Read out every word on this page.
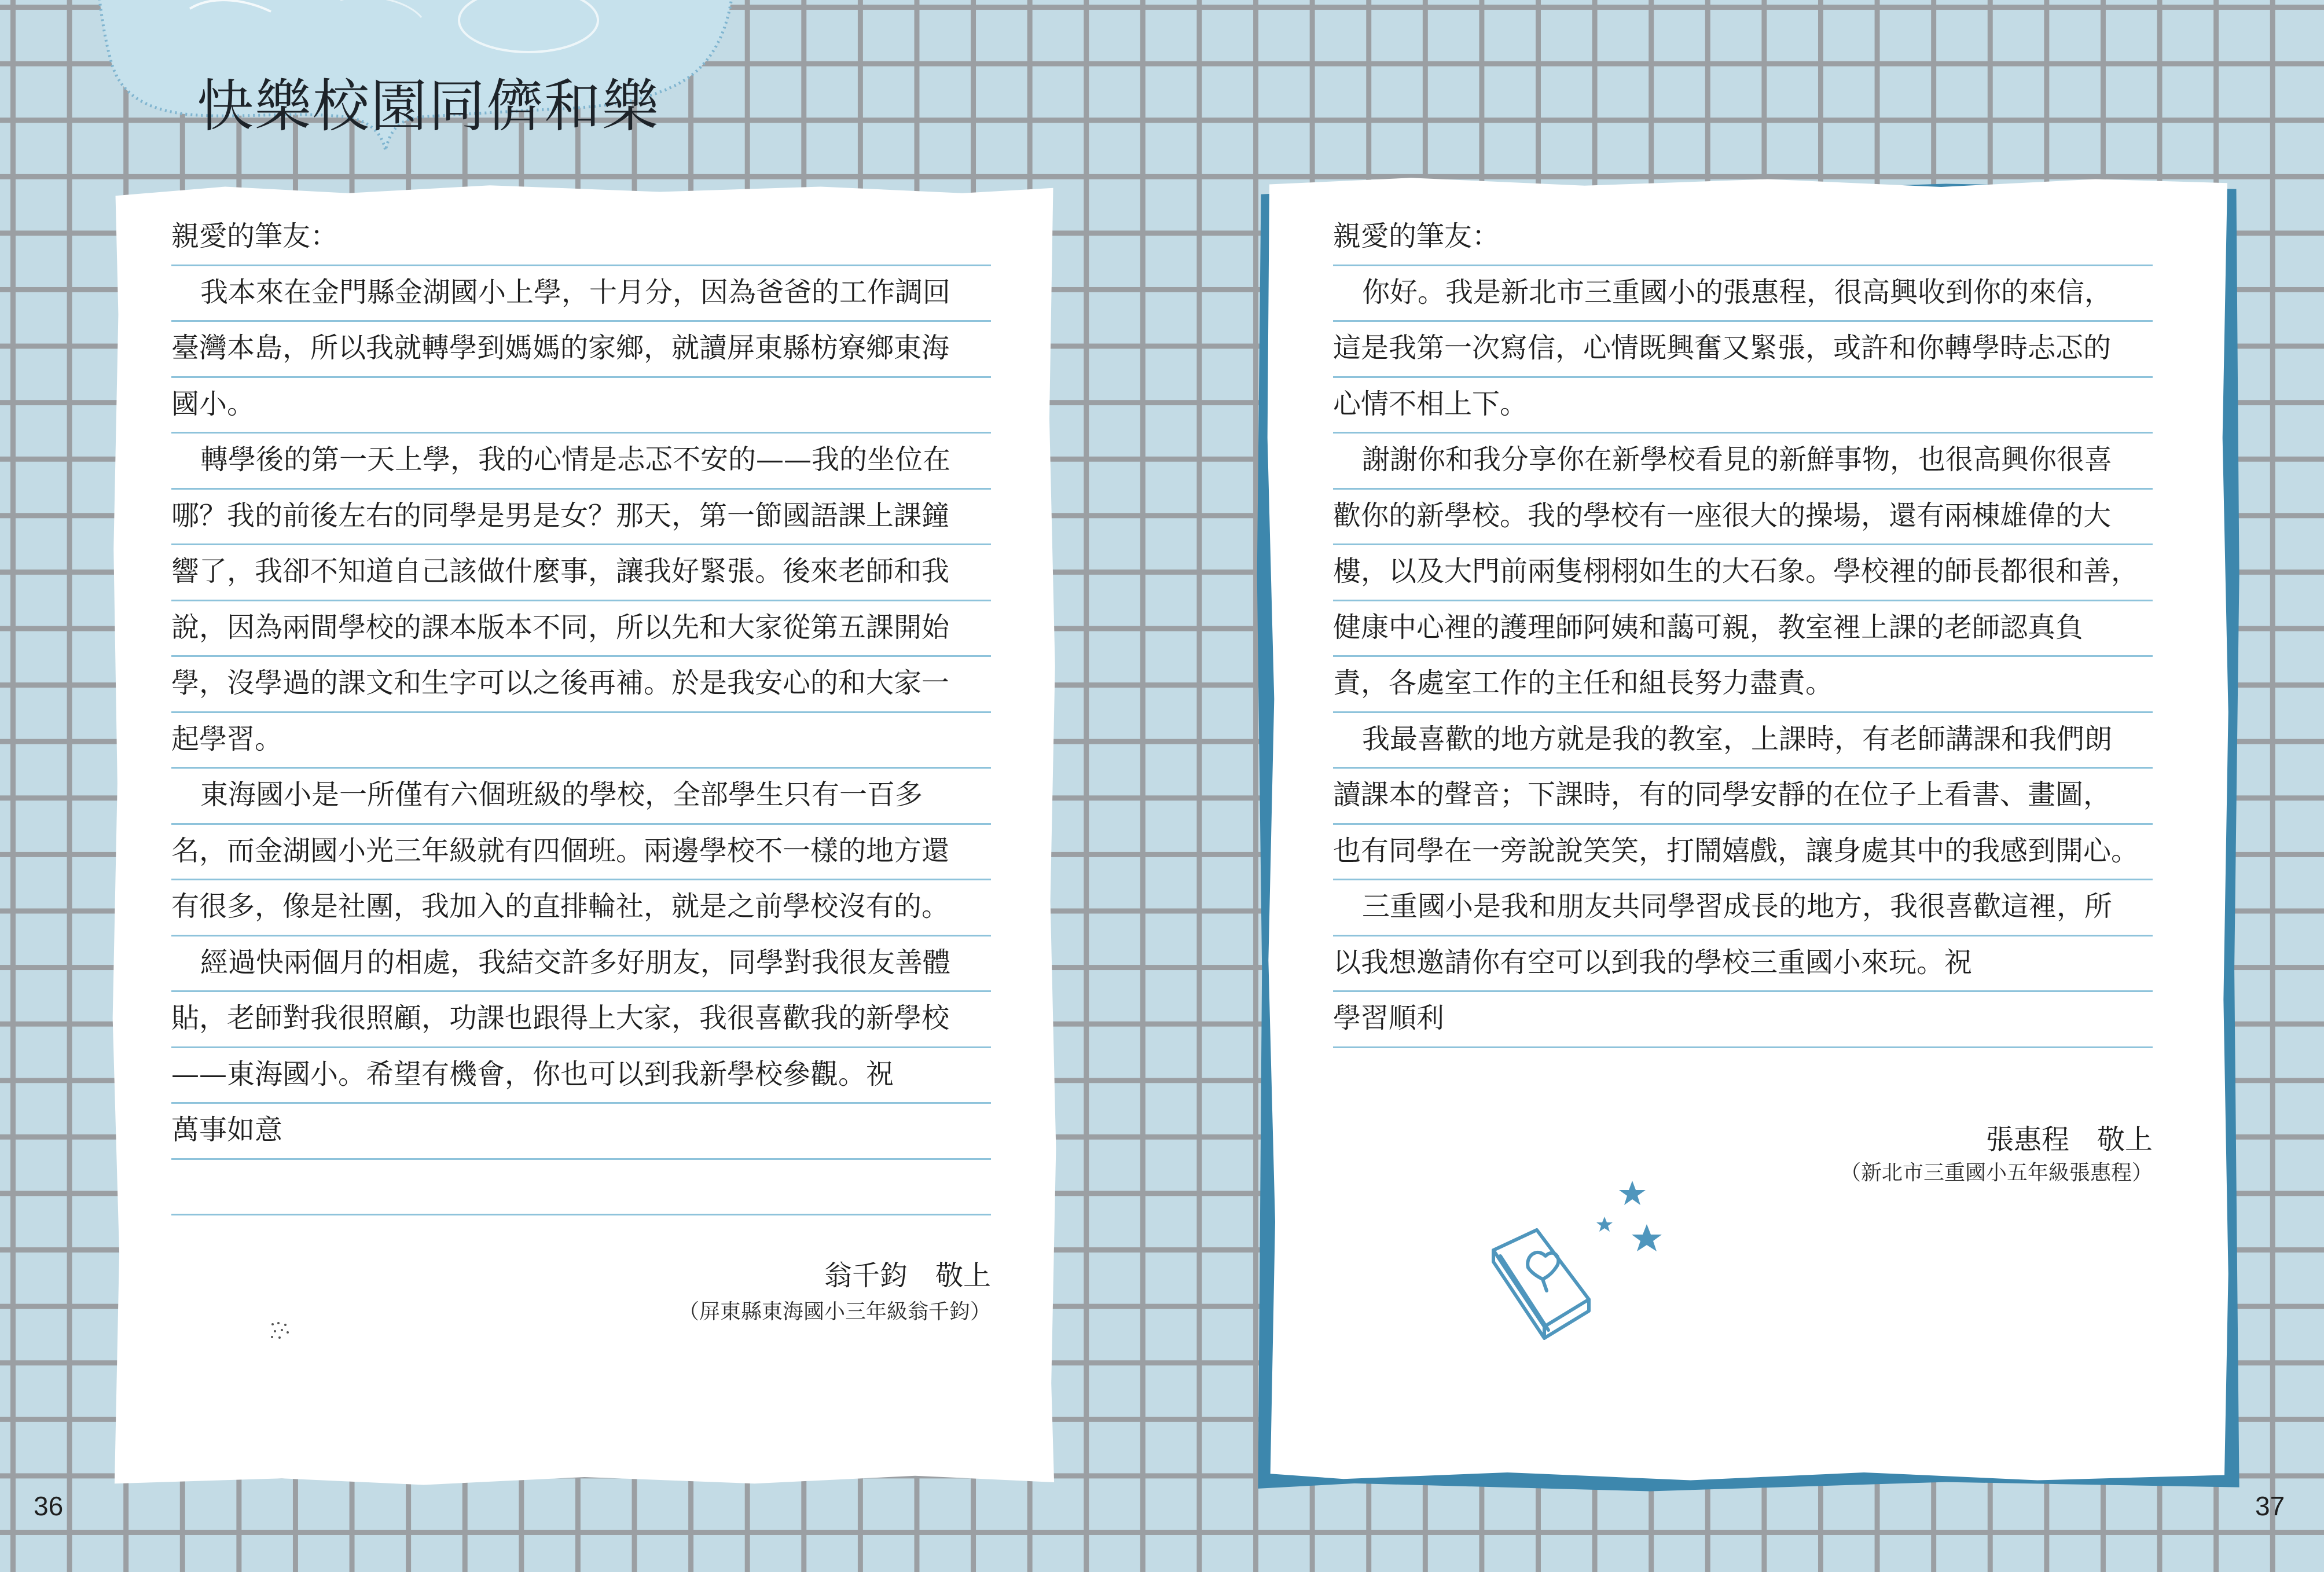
快樂校園同儕和樂
親愛的筆友：
我本來在金門縣金湖國小上學，十月分，因為爸爸的工作調回
臺灣本島，所以我就轉學到媽媽的家鄉，就讀屏東縣枋寮鄉東海
國小。
轉學後的第一天上學，我的心情是忐忑不安的——我的坐位在
哪？我的前後左右的同學是男是女？那天，第一節國語課上課鐘
響了，我卻不知道自己該做什麼事，讓我好緊張。後來老師和我
說，因為兩間學校的課本版本不同，所以先和大家從第五課開始
學，沒學過的課文和生字可以之後再補。於是我安心的和大家一
起學習。
東海國小是一所僅有六個班級的學校，全部學生只有一百多
名，而金湖國小光三年級就有四個班。兩邊學校不一樣的地方還
有很多，像是社團，我加入的直排輪社，就是之前學校沒有的。
經過快兩個月的相處，我結交許多好朋友，同學對我很友善體
貼，老師對我很照顧，功課也跟得上大家，我很喜歡我的新學校
——東海國小。希望有機會，你也可以到我新學校參觀。祝
萬事如意
翁千鈞　敬上
（屏東縣東海國小三年級翁千鈞）
親愛的筆友：
你好。我是新北市三重國小的張惠程，很高興收到你的來信，
這是我第一次寫信，心情既興奮又緊張，或許和你轉學時忐忑的
心情不相上下。
謝謝你和我分享你在新學校看見的新鮮事物，也很高興你很喜
歡你的新學校。我的學校有一座很大的操場，還有兩棟雄偉的大
樓，以及大門前兩隻栩栩如生的大石象。學校裡的師長都很和善，
健康中心裡的護理師阿姨和藹可親，教室裡上課的老師認真負
責，各處室工作的主任和組長努力盡責。
我最喜歡的地方就是我的教室，上課時，有老師講課和我們朗
讀課本的聲音；下課時，有的同學安靜的在位子上看書、畫圖，
也有同學在一旁說說笑笑，打鬧嬉戲，讓身處其中的我感到開心。
三重國小是我和朋友共同學習成長的地方，我很喜歡這裡，所
以我想邀請你有空可以到我的學校三重國小來玩。祝
學習順利
張惠程　敬上
（新北市三重國小五年級張惠程）
36	37
